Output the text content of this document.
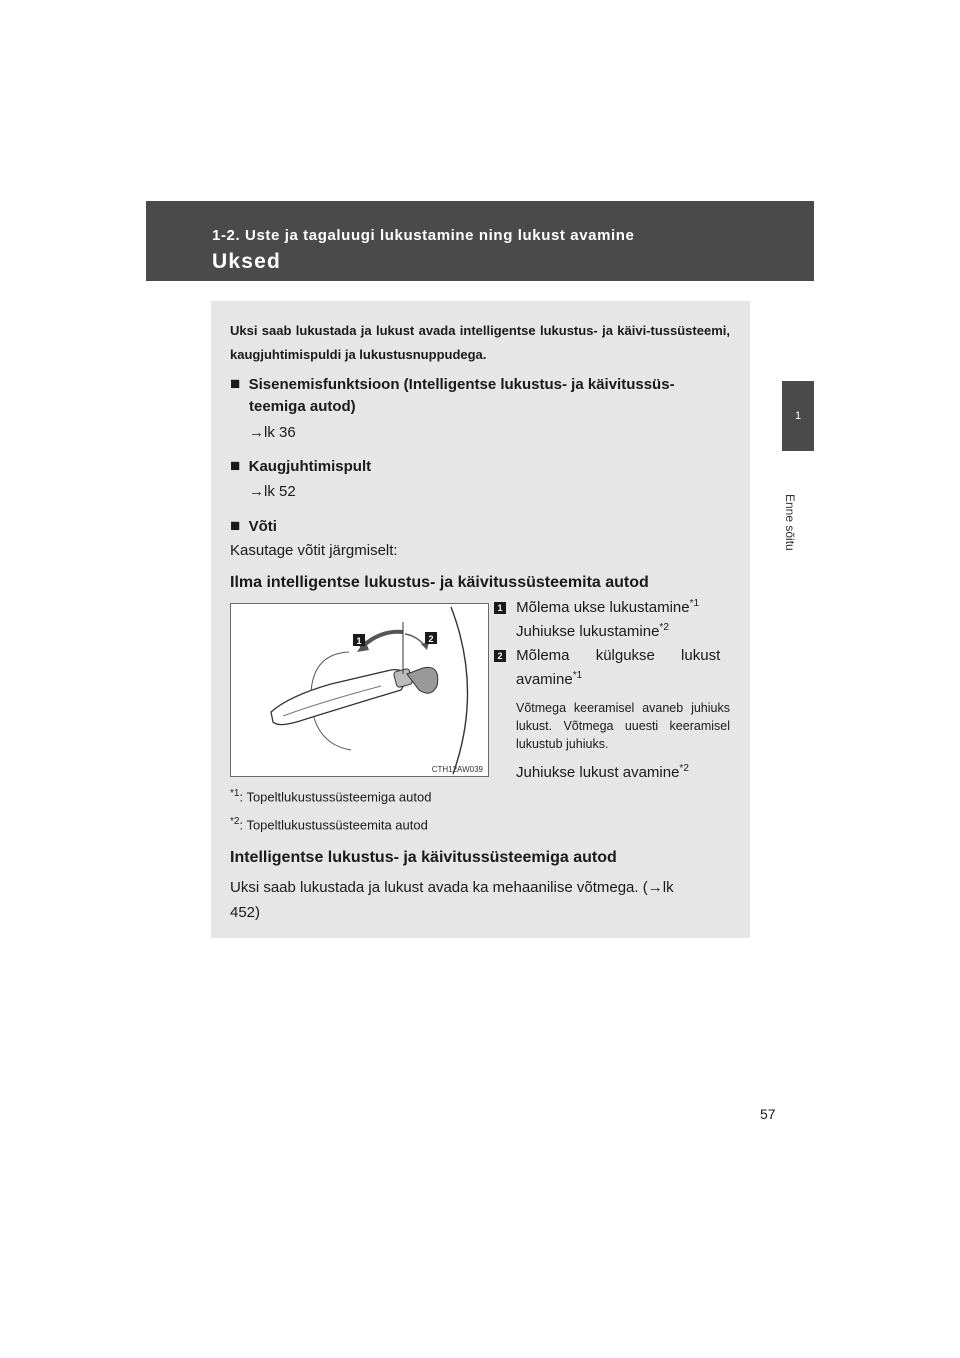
1-2. Uste ja tagaluugi lukustamine ning lukust avamine
Uksed
1
Enne sõitu
Uksi saab lukustada ja lukust avada intelligentse lukustus- ja käivi-tussüsteemi, kaugjuhtimispuldi ja lukustusnuppudega.
■ Sisenemisfunktsioon (Intelligentse lukustus- ja käivitussüs-
teemiga autod)
→lk 36
■ Kaugjuhtimispult
→lk 52
■ Võti
Kasutage võtit järgmiselt:
Ilma intelligentse lukustus- ja käivitussüsteemita autod
1	2
CTH12AW039
1 Mõlema ukse lukustamine$^{*1}$
Juhiukse lukustamine$^{*2}$
2 Mõlema külgukse lukust
avamine$^{*1}$
Võtmega keeramisel avaneb juhiuks lukust. Võtmega uuesti keeramisel lukustub juhiuks.
Juhiukse lukust avamine$^{*2}$
$^{*1}$: Topeltlukustussüsteemiga autod
$^{*2}$: Topeltlukustussüsteemita autod
Intelligentse lukustus- ja käivitussüsteemiga autod
Uksi saab lukustada ja lukust avada ka mehaanilise võtmega. (→lk
452)
57
